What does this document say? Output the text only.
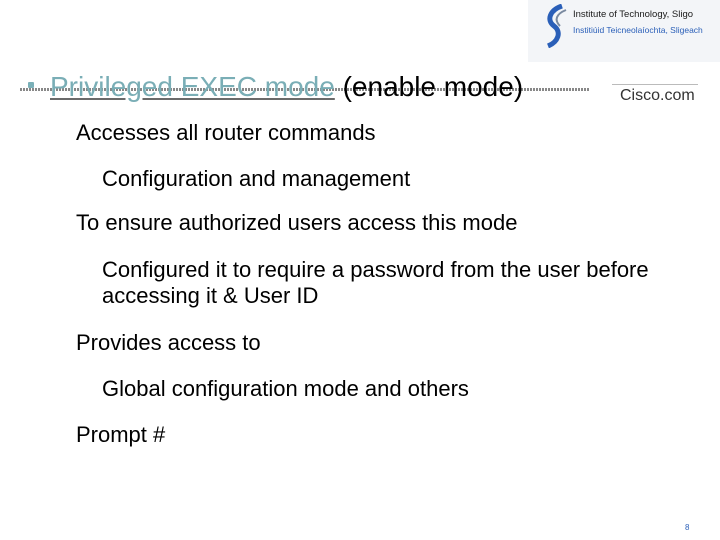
Institute of Technology, Sligo
Institiúid Teicneolaíochta, Sligeach
Privileged EXEC mode (enable mode)	Cisco.com
Accesses all router commands
Configuration and management
To ensure authorized users access this mode
Configured it to require a password from the user before accessing it & User ID
Provides access to
Global configuration mode and others
Prompt #
8
